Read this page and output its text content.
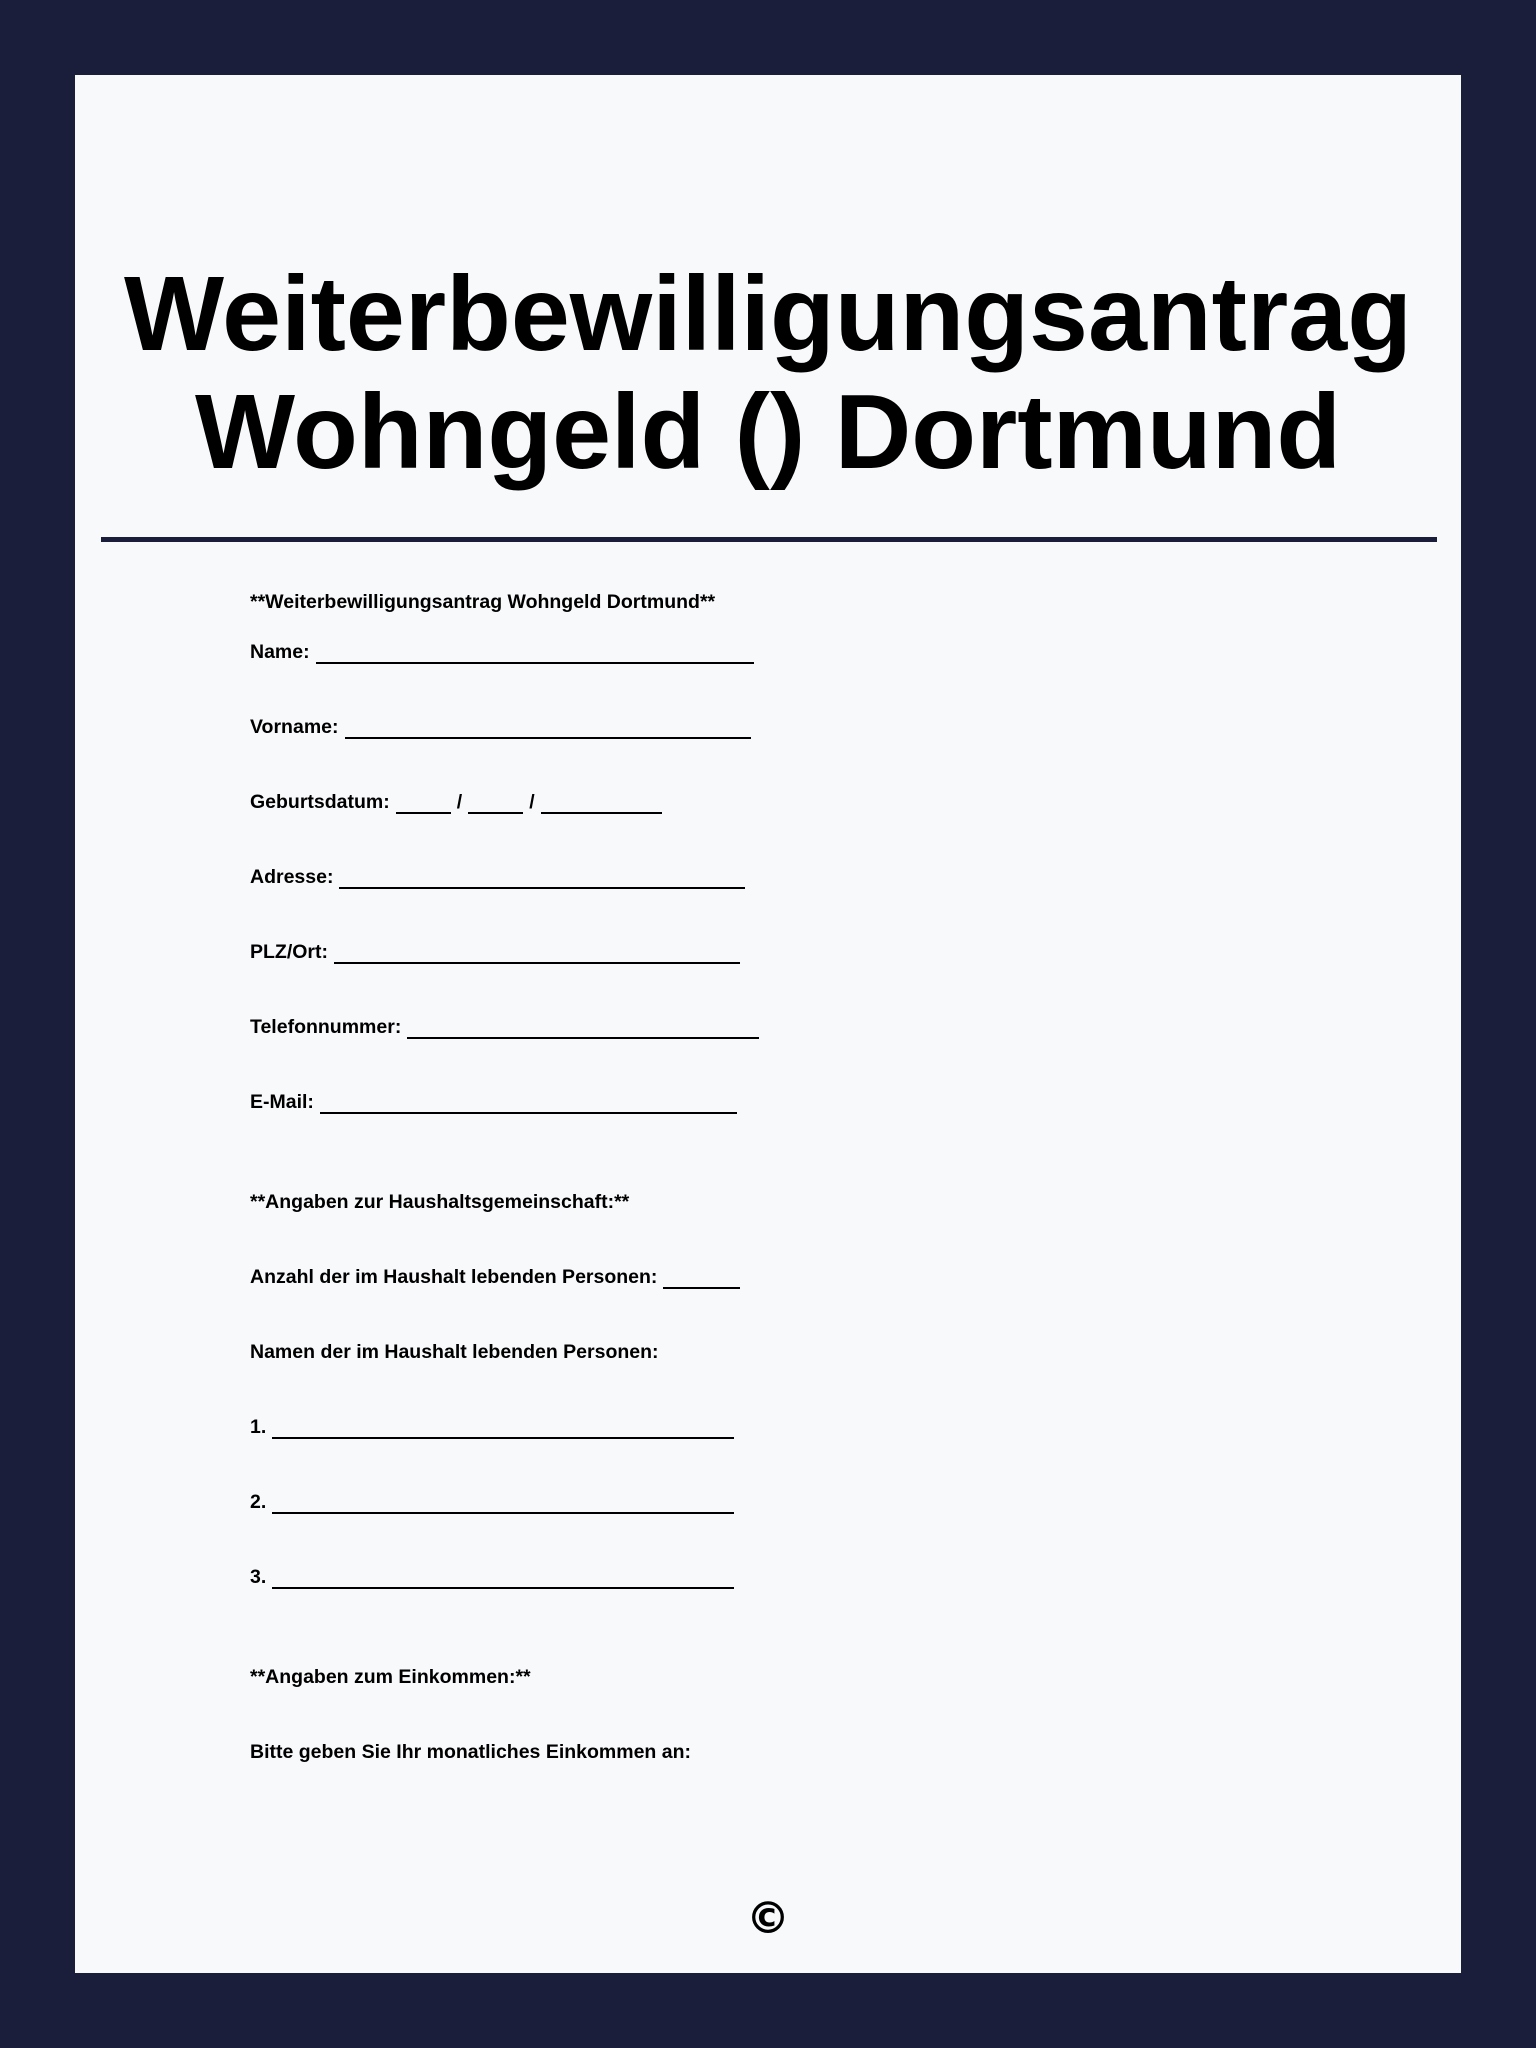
Weiterbewilligungsantrag
Wohngeld () Dortmund
**Weiterbewilligungsantrag Wohngeld Dortmund**
Name:
Vorname:
Geburtsdatum:	/	/
Adresse:
PLZ/Ort:
Telefonnummer:
E-Mail:
**Angaben zur Haushaltsgemeinschaft:**
Anzahl der im Haushalt lebenden Personen:
Namen der im Haushalt lebenden Personen:
1.
2.
3.
**Angaben zum Einkommen:**
Bitte geben Sie Ihr monatliches Einkommen an:
©
